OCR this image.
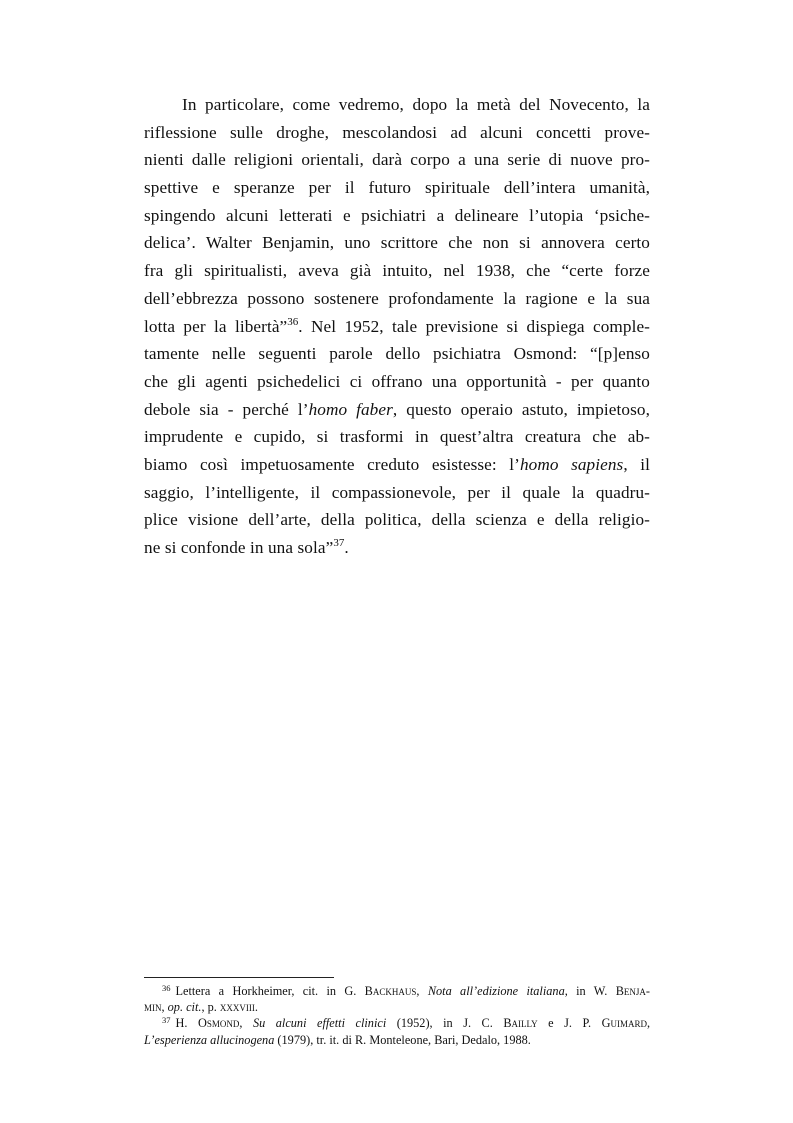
In particolare, come vedremo, dopo la metà del Novecento, la
riflessione sulle droghe, mescolandosi ad alcuni concetti prove-
nienti dalle religioni orientali, darà corpo a una serie di nuove pro-
spettive e speranze per il futuro spirituale dell’intera umanità,
spingendo alcuni letterati e psichiatri a delineare l’utopia ‘psiche-
delica’. Walter Benjamin, uno scrittore che non si annovera certo
fra gli spiritualisti, aveva già intuito, nel 1938, che “certe forze
dell’ebbrezza possono sostenere profondamente la ragione e la sua
lotta per la libertà”$^{36}$. Nel 1952, tale previsione si dispiega comple-
tamente nelle seguenti parole dello psichiatra Osmond: “[p]enso
che gli agenti psichedelici ci offrano una opportunità - per quanto
debole sia - perché l’homo faber, questo operaio astuto, impietoso,
imprudente e cupido, si trasformi in quest’altra creatura che ab-
biamo così impetuosamente creduto esistesse: l’homo sapiens, il
saggio, l’intelligente, il compassionevole, per il quale la quadru-
plice visione dell’arte, della politica, della scienza e della religio-
ne si confonde in una sola”$^{37}$.
$^{36}$ Lettera a Horkheimer, cit. in G. Backhaus, Nota all’edizione italiana, in W. Benja-
min, op. cit., p. xxxviii.
$^{37}$ H. Osmond, Su alcuni effetti clinici (1952), in J. C. Bailly e J. P. Guimard,
L’esperienza allucinogena (1979), tr. it. di R. Monteleone, Bari, Dedalo, 1988.
